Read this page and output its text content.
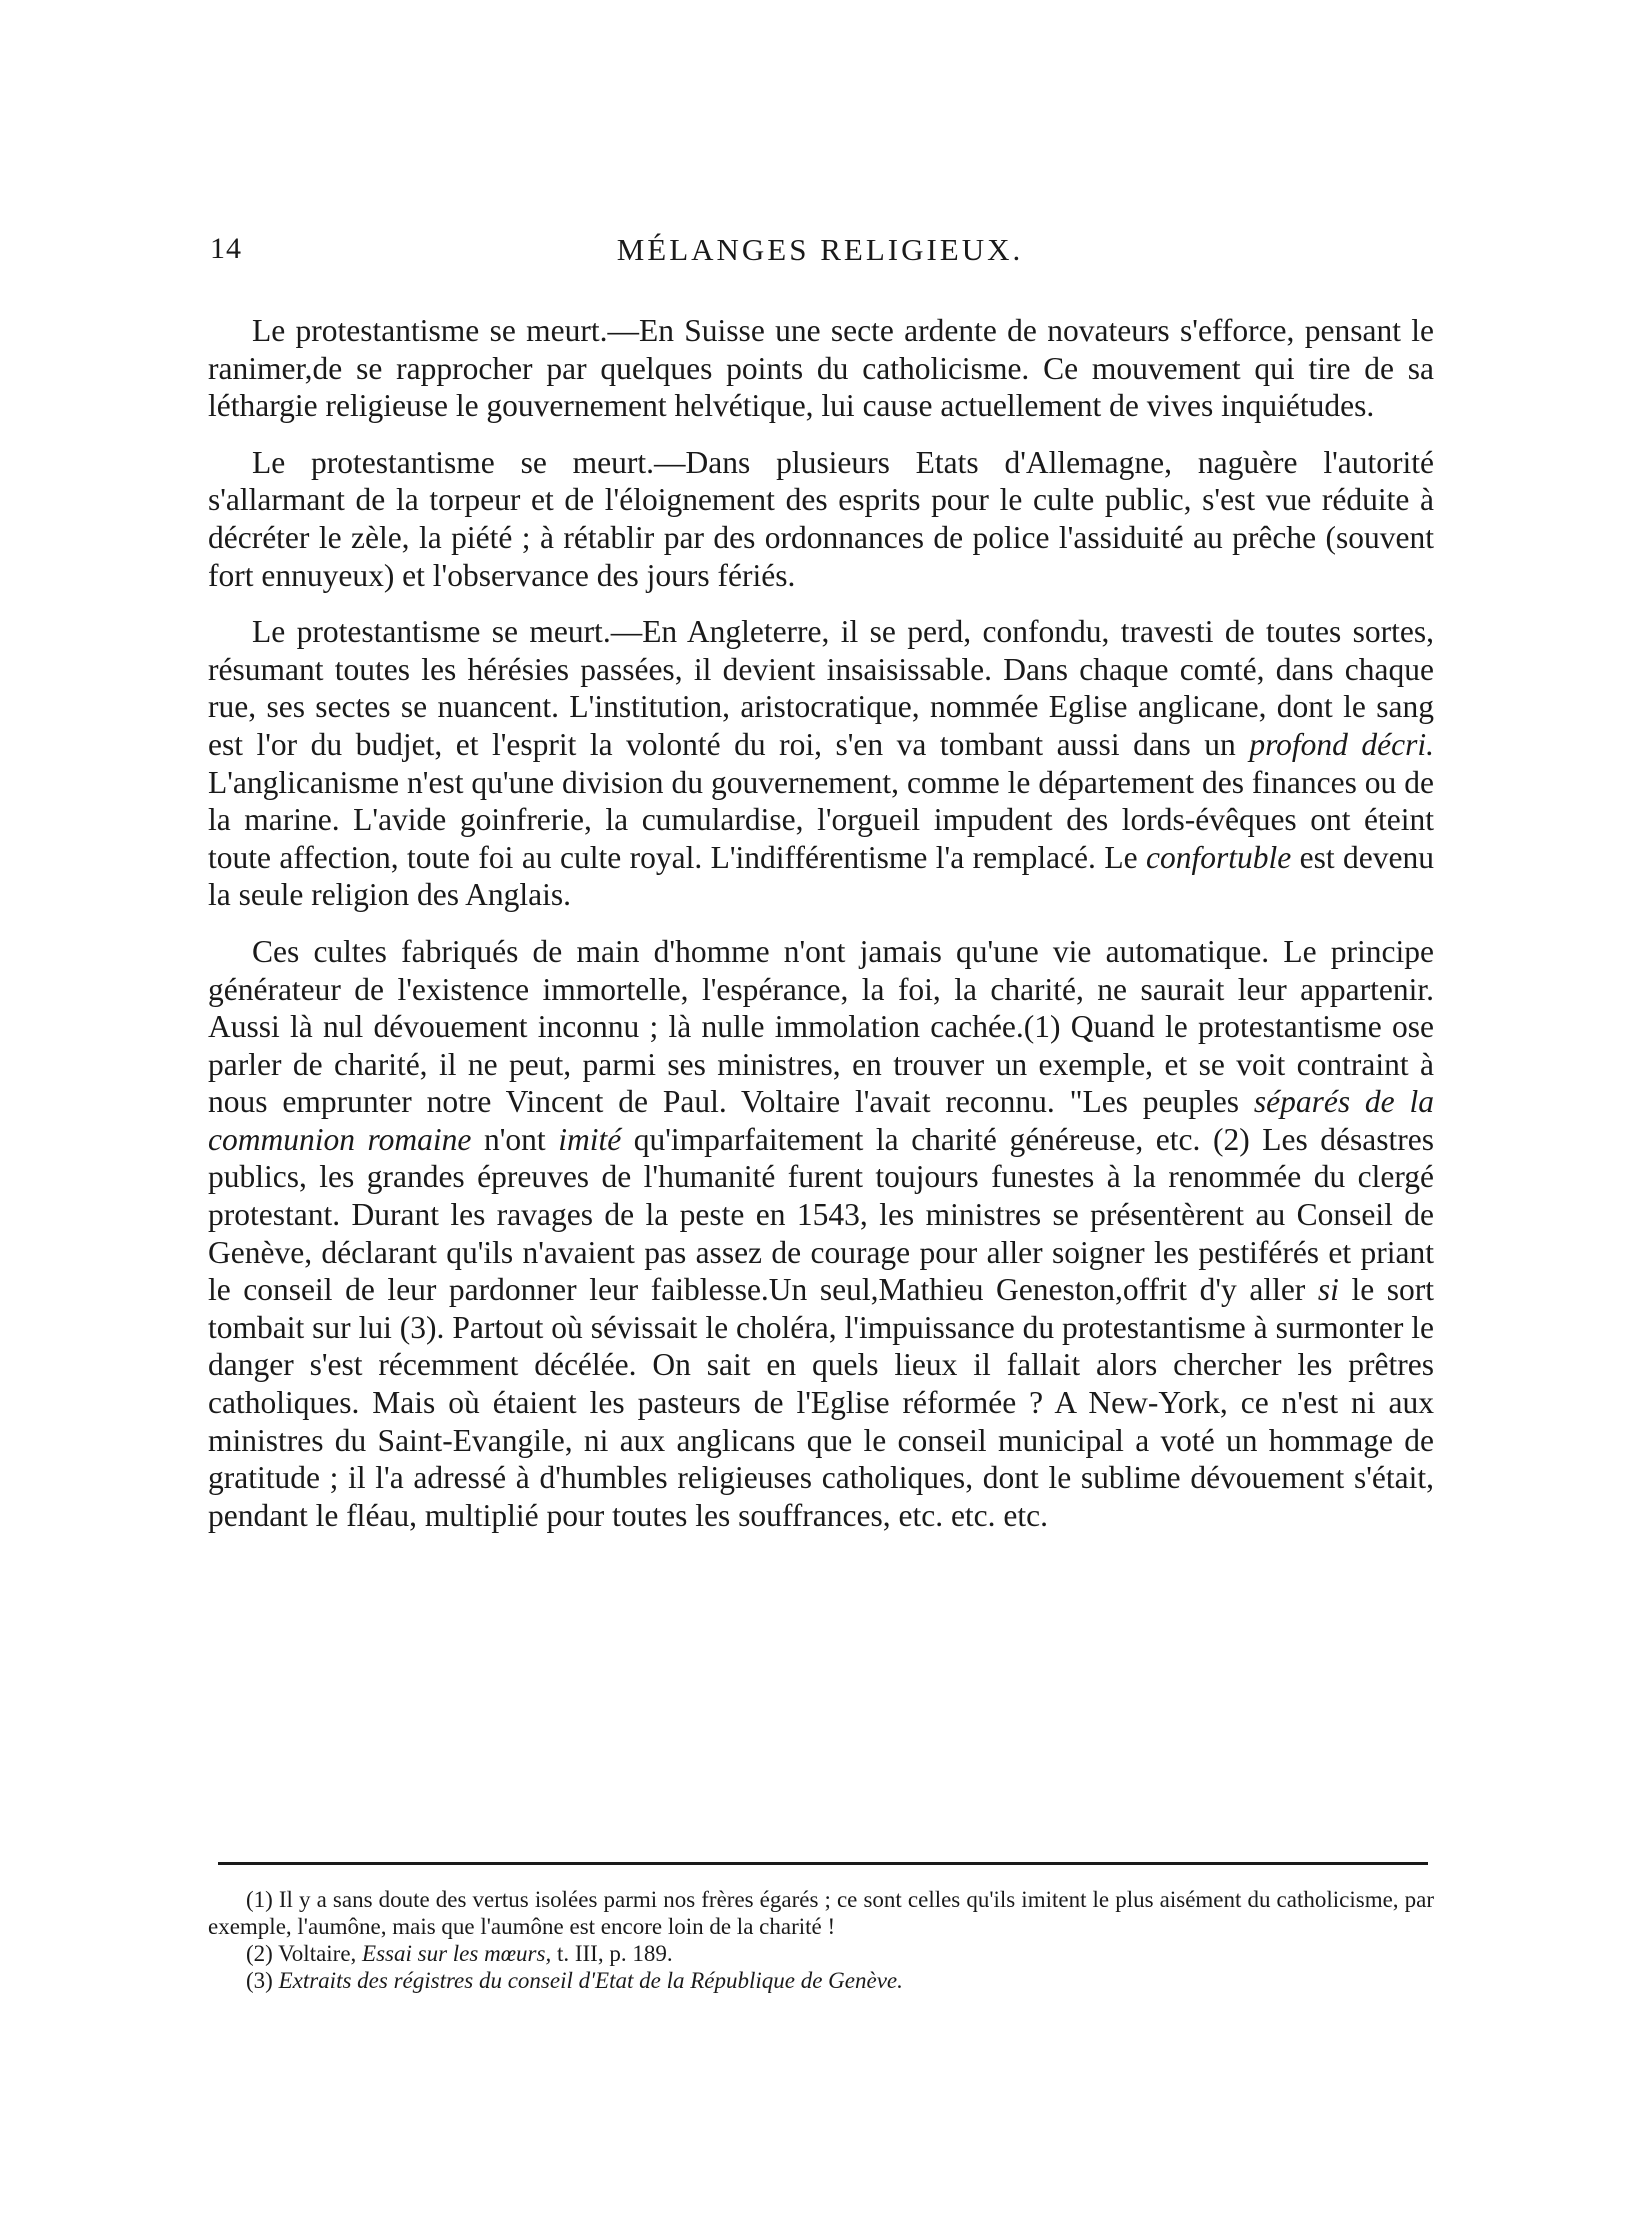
14	MÉLANGES RELIGIEUX.

Le protestantisme se meurt.—En Suisse une secte ardente de novateurs s'efforce, pensant le ranimer,de se rapprocher par quelques points du catholicisme. Ce mouvement qui tire de sa léthargie religieuse le gouvernement helvétique, lui cause actuellement de vives inquiétudes.

Le protestantisme se meurt.—Dans plusieurs Etats d'Allemagne, naguère l'autorité s'allarmant de la torpeur et de l'éloignement des esprits pour le culte public, s'est vue réduite à décréter le zèle, la piété ; à rétablir par des ordonnances de police l'assiduité au prêche (souvent fort ennuyeux) et l'observance des jours fériés.

Le protestantisme se meurt.—En Angleterre, il se perd, confondu, travesti de toutes sortes, résumant toutes les hérésies passées, il devient insaisissable. Dans chaque comté, dans chaque rue, ses sectes se nuancent. L'institution, aristocratique, nommée Eglise anglicane, dont le sang est l'or du budjet, et l'esprit la volonté du roi, s'en va tombant aussi dans un profond décri. L'anglicanisme n'est qu'une division du gouvernement, comme le département des finances ou de la marine. L'avide goinfrerie, la cumulardise, l'orgueil impudent des lords-évêques ont éteint toute affection, toute foi au culte royal. L'indifférentisme l'a remplacé. Le confortuble est devenu la seule religion des Anglais.

Ces cultes fabriqués de main d'homme n'ont jamais qu'une vie automatique. Le principe générateur de l'existence immortelle, l'espérance, la foi, la charité, ne saurait leur appartenir. Aussi là nul dévouement inconnu ; là nulle immolation cachée.(1) Quand le protestantisme ose parler de charité, il ne peut, parmi ses ministres, en trouver un exemple, et se voit contraint à nous emprunter notre Vincent de Paul. Voltaire l'avait reconnu. "Les peuples séparés de la communion romaine n'ont imité qu'imparfaitement la charité généreuse, etc. (2) Les désastres publics, les grandes épreuves de l'humanité furent toujours funestes à la renommée du clergé protestant. Durant les ravages de la peste en 1543, les ministres se présentèrent au Conseil de Genève, déclarant qu'ils n'avaient pas assez de courage pour aller soigner les pestiférés et priant le conseil de leur pardonner leur faiblesse.Un seul,Mathieu Geneston,offrit d'y aller si le sort tombait sur lui (3). Partout où sévissait le choléra, l'impuissance du protestantisme à surmonter le danger s'est récemment décélée. On sait en quels lieux il fallait alors chercher les prêtres catholiques. Mais où étaient les pasteurs de l'Eglise réformée ? A New-York, ce n'est ni aux ministres du Saint-Evangile, ni aux anglicans que le conseil municipal a voté un hommage de gratitude ; il l'a adressé à d'humbles religieuses catholiques, dont le sublime dévouement s'était, pendant le fléau, multiplié pour toutes les souffrances, etc. etc. etc.

(1) Il y a sans doute des vertus isolées parmi nos frères égarés ; ce sont celles qu'ils imitent le plus aisément du catholicisme, par exemple, l'aumône, mais que l'aumône est encore loin de la charité !

(2) Voltaire, Essai sur les mœurs, t. III, p. 189.

(3) Extraits des régistres du conseil d'Etat de la République de Genève.
